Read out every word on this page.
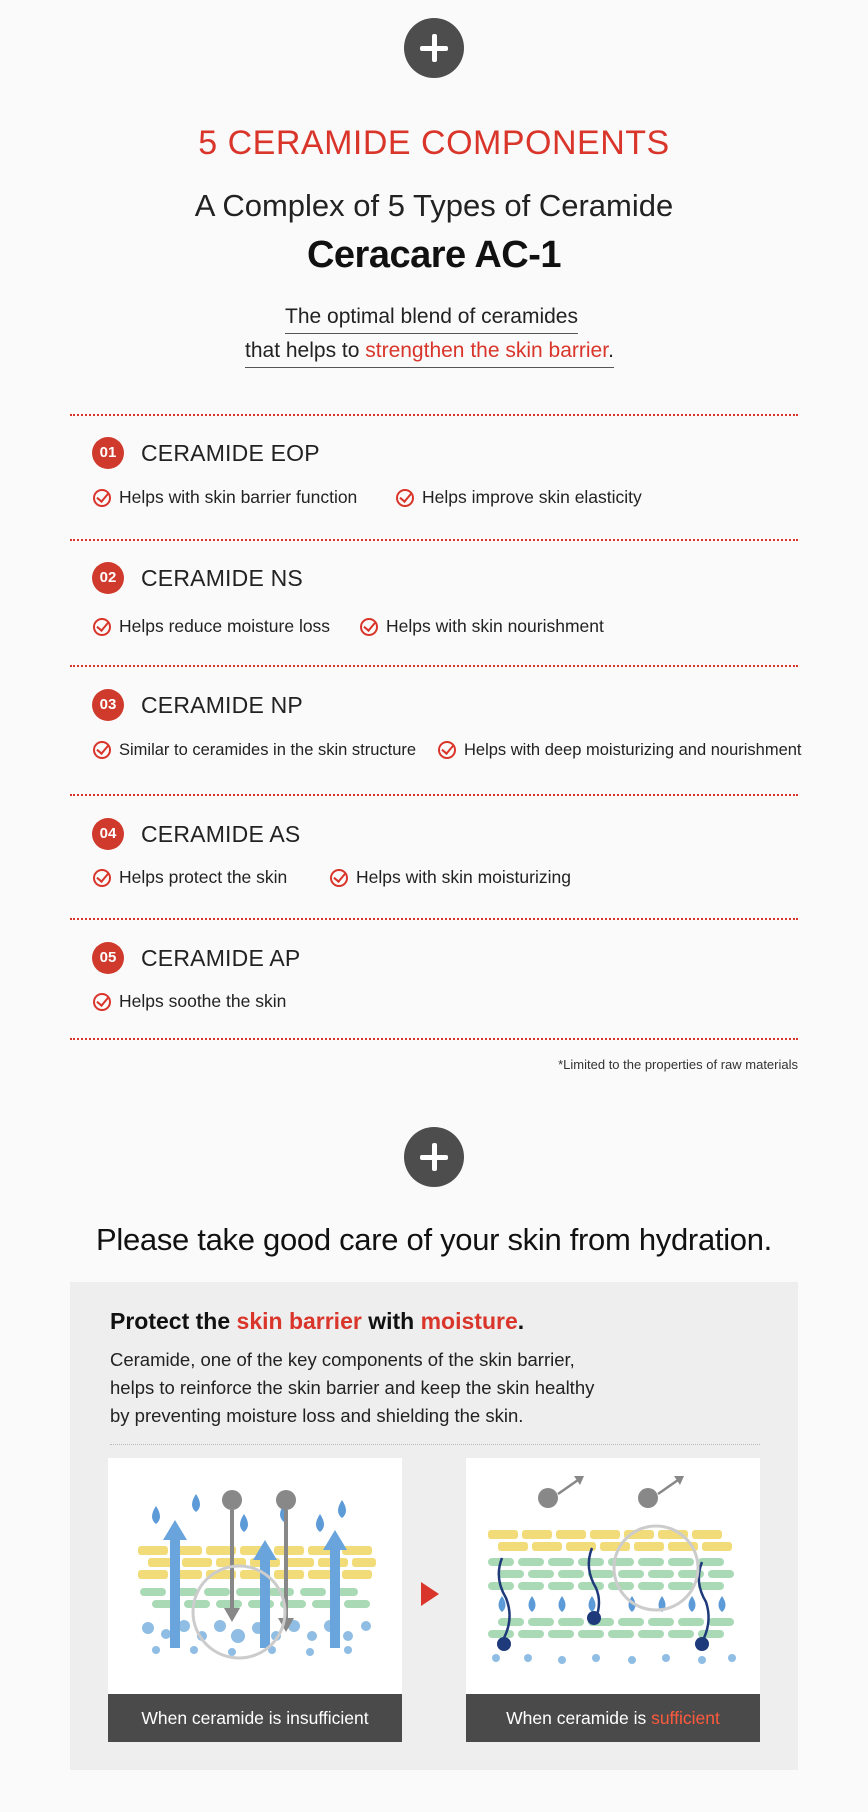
5 CERAMIDE COMPONENTS
A Complex of 5 Types of Ceramide
Ceracare AC-1
The optimal blend of ceramides
that helps to strengthen the skin barrier.
01	CERAMIDE EOP
Helps with skin barrier function	Helps improve skin elasticity
02	CERAMIDE NS
Helps reduce moisture loss	Helps with skin nourishment
03	CERAMIDE NP
Similar to ceramides in the skin structure	Helps with deep moisturizing and nourishment
04	CERAMIDE AS
Helps protect the skin	Helps with skin moisturizing
05	CERAMIDE AP
Helps soothe the skin
*Limited to the properties of raw materials
Please take good care of your skin from hydration.
Protect the skin barrier with moisture.
Ceramide, one of the key components of the skin barrier,
helps to reinforce the skin barrier and keep the skin healthy
by preventing moisture loss and shielding the skin.
When ceramide is insufficient	When ceramide is sufficient
